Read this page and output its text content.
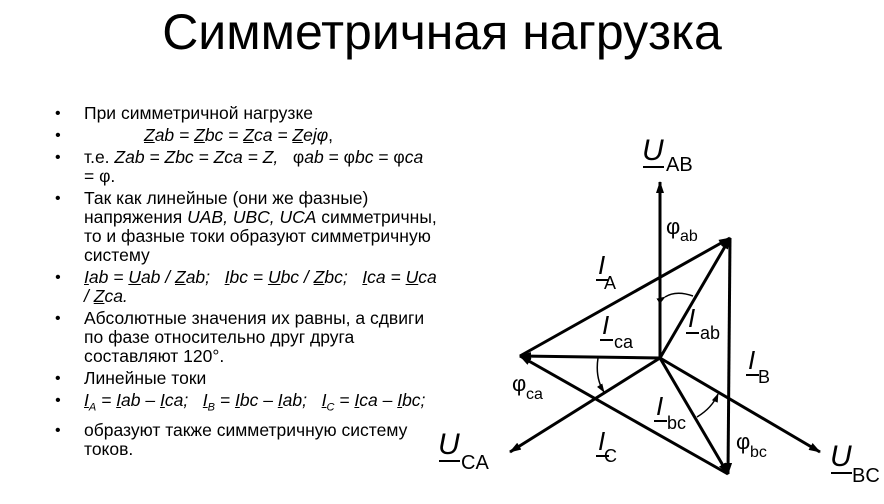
Симметричная нагрузка
• При симметричной нагрузке
• Zab = Zbc = Zca = Zejφ,
• т.е. Zab = Zbc = Zca = Z,   φab = φbc = φca = φ.
• Так как линейные (они же фазные) напряжения UAB, UBC, UCA симметричны, то и фазные токи образуют симметричную систему
• Iab = Uab / Zab;   Ibc = Ubc / Zbc;   Ica = Uca / Zca.
• Абсолютные значения их равны, а сдвиги по фазе относительно друг друга составляют 120°.
• Линейные токи
• $I_A$ = Iab – Ica;   $I_B$ = Ibc – Iab;   $I_C$ = Ica – Ibc;
• образуют также симметричную систему токов.
U AB
U
BC
U
CA
I
A
I
B
I
C
I ab
I
ca
I
bc
φ ab
φ ca
φ bc
